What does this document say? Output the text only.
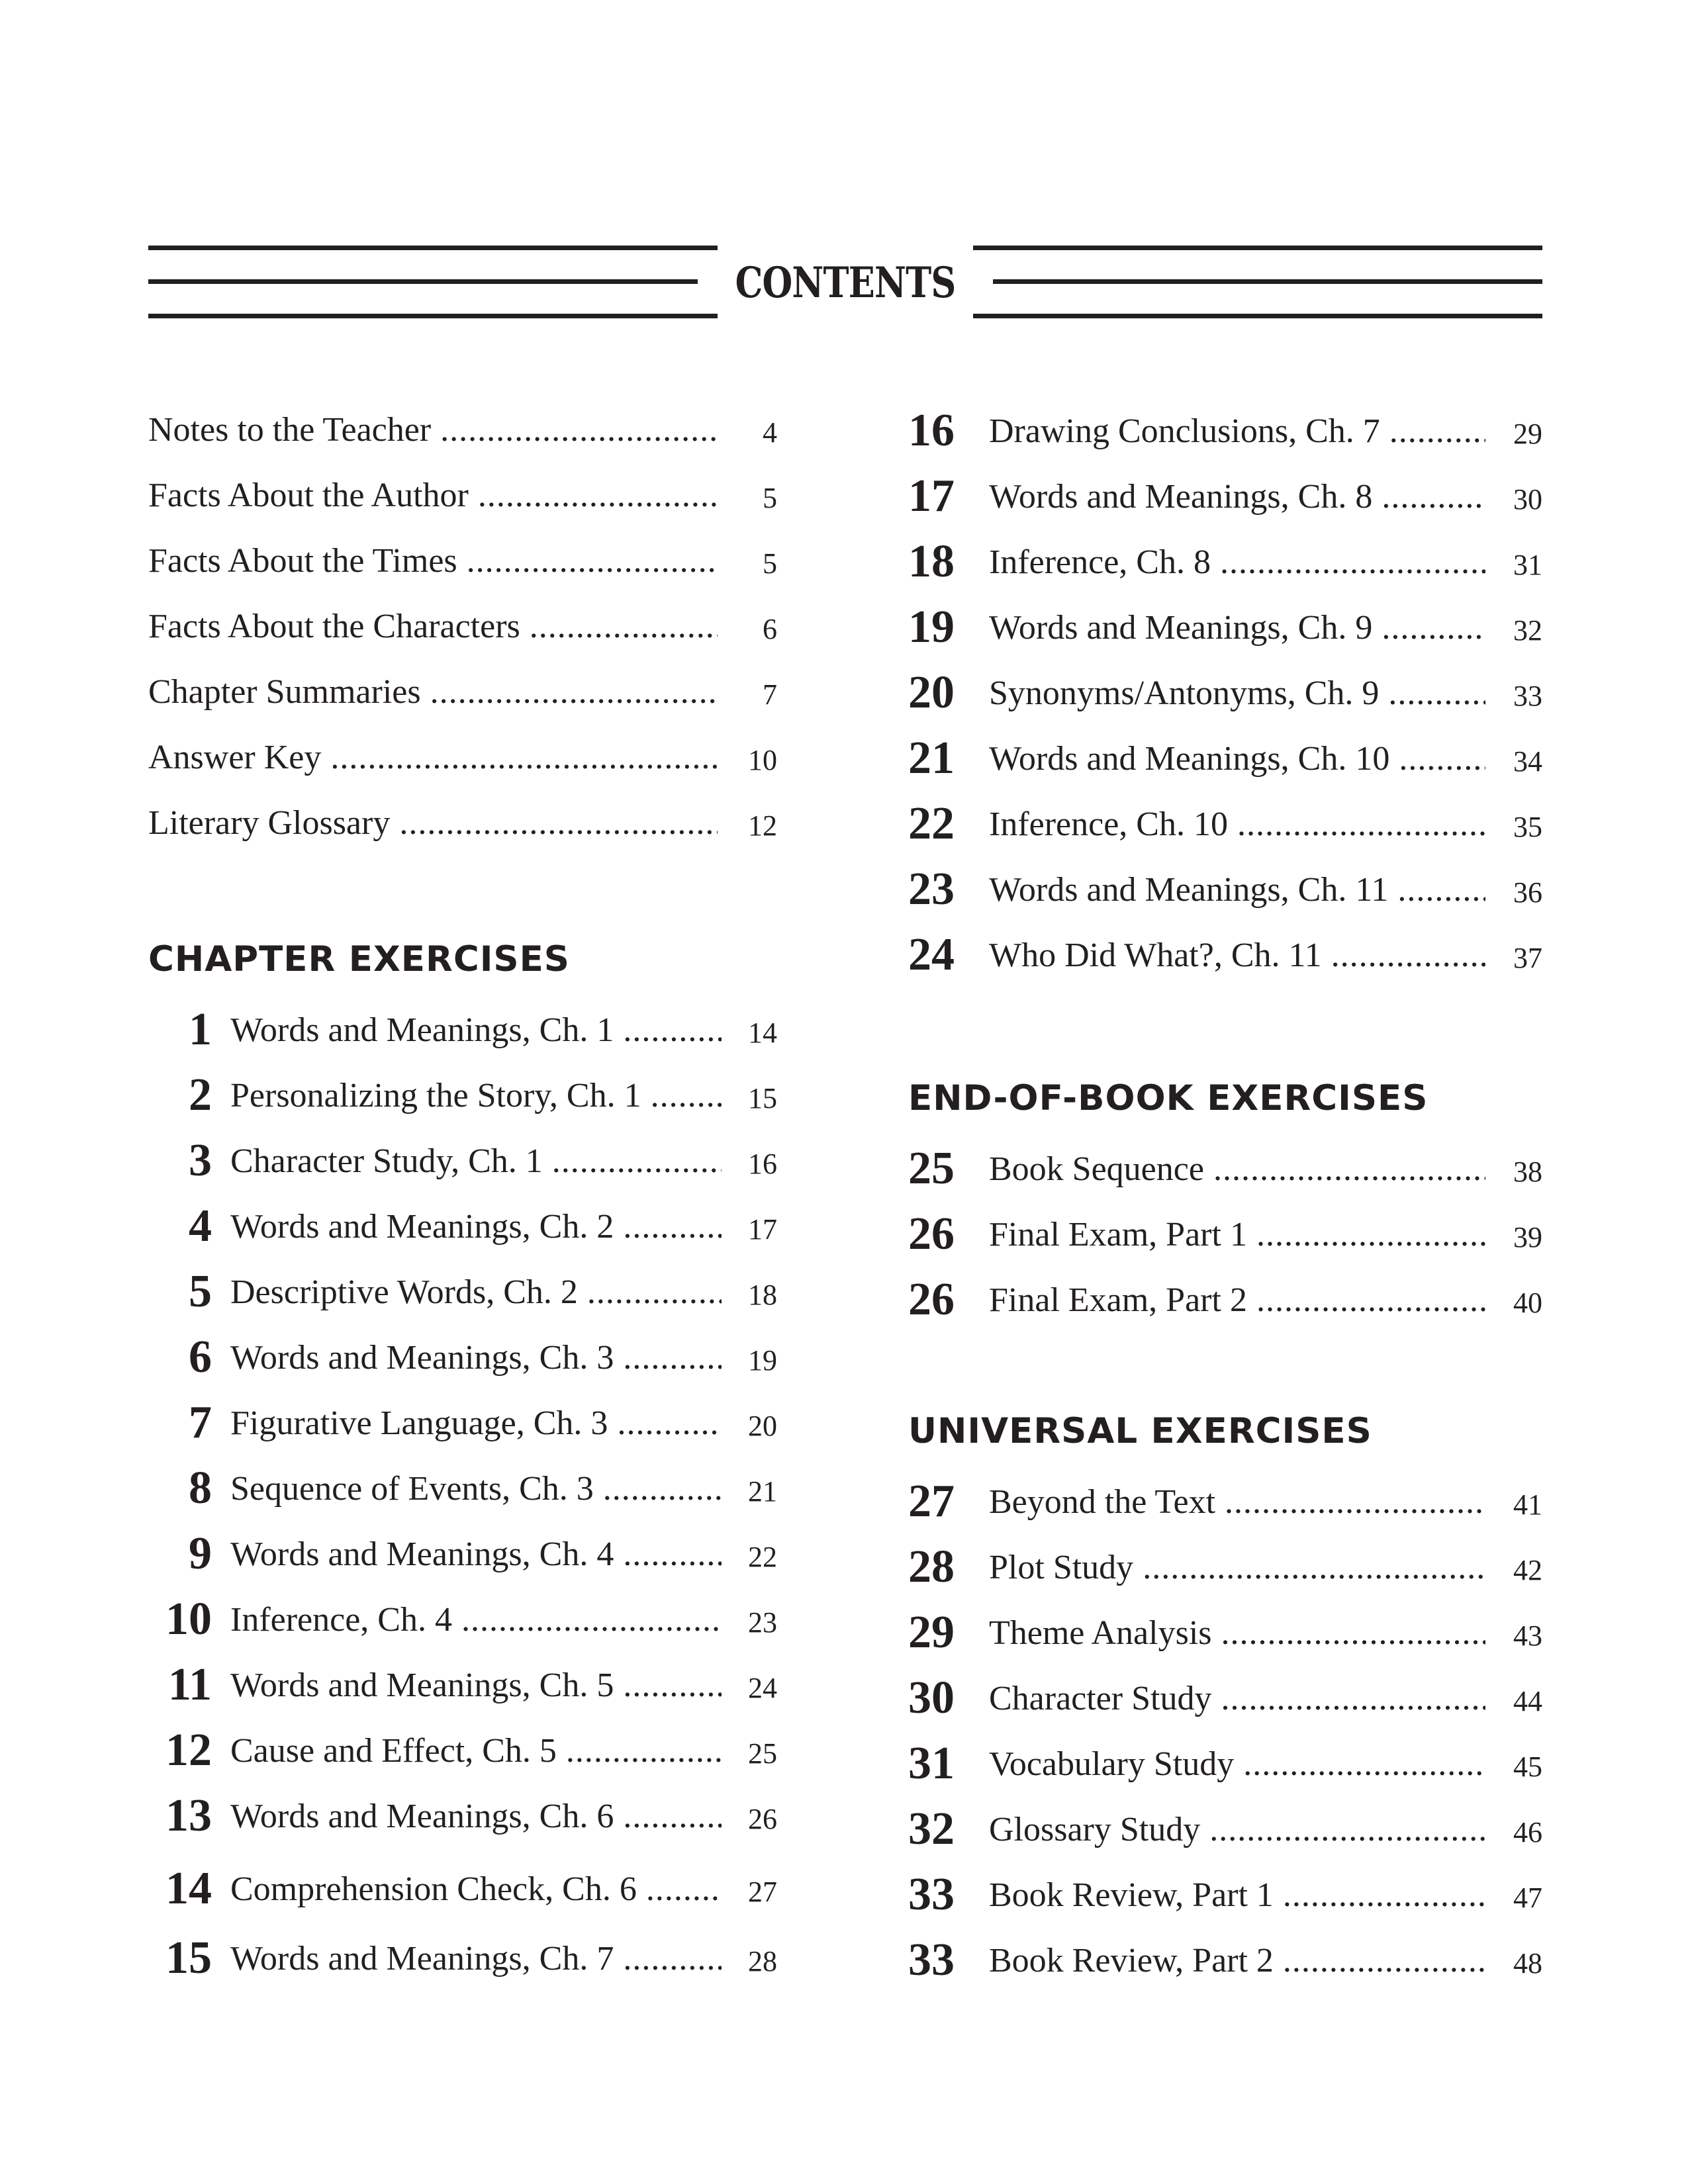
CONTENTS
Notes to the Teacher .....	4
Facts About the Author .....	5
Facts About the Times .....	5
Facts About the Characters .....	6
Chapter Summaries .....	7
Answer Key .....	10
Literary Glossary .....	12
CHAPTER EXERCISES
1 Words and Meanings, Ch. 1 .....	14
2 Personalizing the Story, Ch. 1 .....	15
3 Character Study, Ch. 1 .....	16
4 Words and Meanings, Ch. 2 .....	17
5 Descriptive Words, Ch. 2 .....	18
6 Words and Meanings, Ch. 3 .....	19
7 Figurative Language, Ch. 3 .....	20
8 Sequence of Events, Ch. 3 .....	21
9 Words and Meanings, Ch. 4 .....	22
10 Inference, Ch. 4 .....	23
11 Words and Meanings, Ch. 5 .....	24
12 Cause and Effect, Ch. 5 .....	25
13 Words and Meanings, Ch. 6 .....	26
14 Comprehension Check, Ch. 6 .....	27
15 Words and Meanings, Ch. 7 .....	28
16	Drawing Conclusions, Ch. 7 .....	29
17	Words and Meanings, Ch. 8 .....	30
18	Inference, Ch. 8 .....	31
19	Words and Meanings, Ch. 9 .....	32
20	Synonyms/Antonyms, Ch. 9 .....	33
21	Words and Meanings, Ch. 10 .....	34
22	Inference, Ch. 10 .....	35
23	Words and Meanings, Ch. 11 .....	36
24	Who Did What?, Ch. 11 .....	37
END-OF-BOOK EXERCISES
25	Book Sequence .....	38
26	Final Exam, Part 1 .....	39
26	Final Exam, Part 2 .....	40
UNIVERSAL EXERCISES
27	Beyond the Text .....	41
28	Plot Study .....	42
29	Theme Analysis .....	43
30	Character Study .....	44
31	Vocabulary Study .....	45
32	Glossary Study .....	46
33	Book Review, Part 1 .....	47
33	Book Review, Part 2 .....	48
